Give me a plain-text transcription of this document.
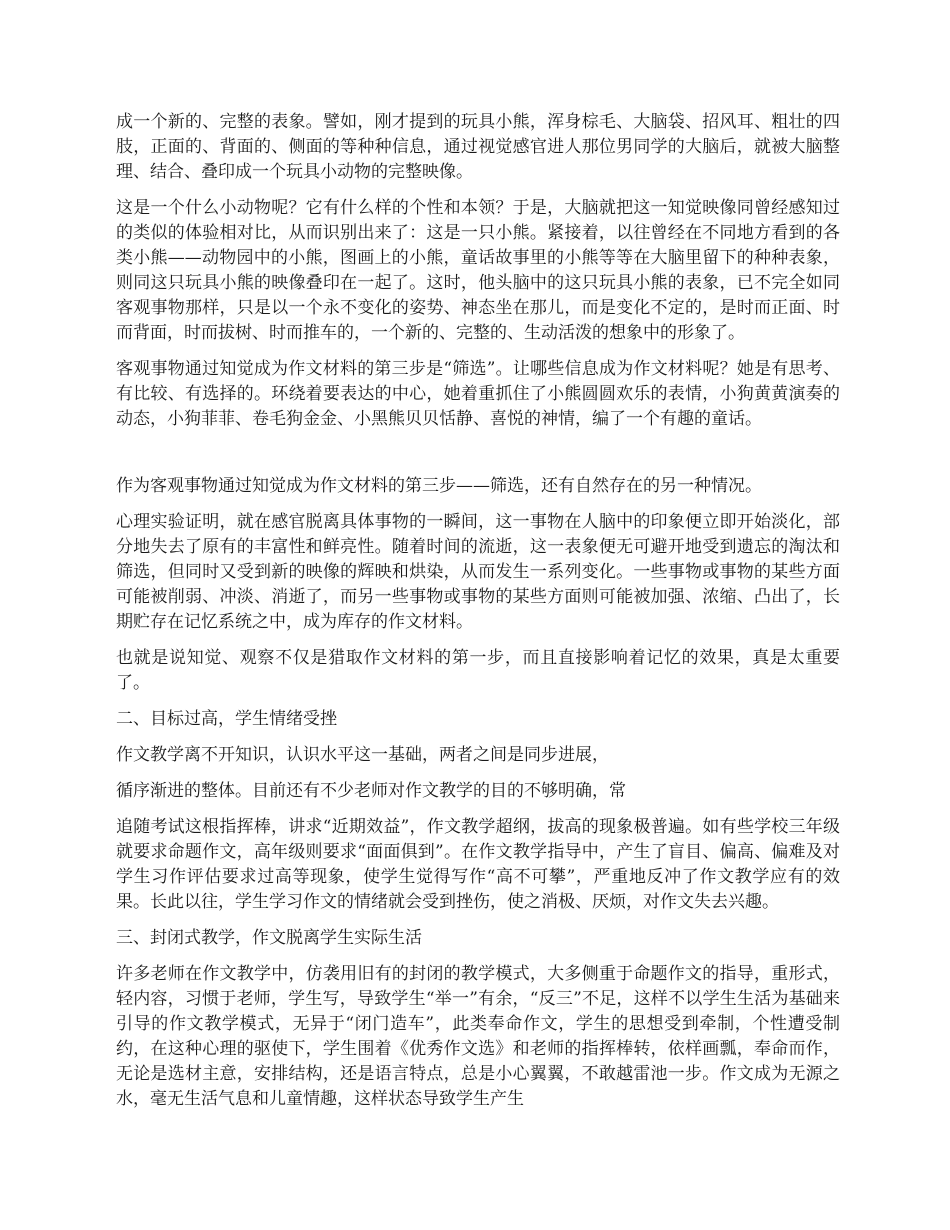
成一个新的、完整的表象。譬如，刚才提到的玩具小熊，浑身棕毛、大脑袋、招风耳、粗壮的四肢，正面的、背面的、侧面的等种种信息，通过视觉感官进人那位男同学的大脑后，就被大脑整理、结合、叠印成一个玩具小动物的完整映像。

这是一个什么小动物呢？它有什么样的个性和本领？于是，大脑就把这一知觉映像同曾经感知过的类似的体验相对比，从而识别出来了：这是一只小熊。紧接着，以往曾经在不同地方看到的各类小熊——动物园中的小熊，图画上的小熊，童话故事里的小熊等等在大脑里留下的种种表象，则同这只玩具小熊的映像叠印在一起了。这时，他头脑中的这只玩具小熊的表象，已不完全如同客观事物那样，只是以一个永不变化的姿势、神态坐在那儿，而是变化不定的，是时而正面、时而背面，时而拔树、时而推车的，一个新的、完整的、生动活泼的想象中的形象了。

客观事物通过知觉成为作文材料的第三步是“筛选”。让哪些信息成为作文材料呢？她是有思考、有比较、有选择的。环绕着要表达的中心，她着重抓住了小熊圆圆欢乐的表情，小狗黄黄演奏的动态，小狗菲菲、卷毛狗金金、小黑熊贝贝恬静、喜悦的神情，编了一个有趣的童话。

作为客观事物通过知觉成为作文材料的第三步——筛选，还有自然存在的另一种情况。

心理实验证明，就在感官脱离具体事物的一瞬间，这一事物在人脑中的印象便立即开始淡化，部分地失去了原有的丰富性和鲜亮性。随着时间的流逝，这一表象便无可避开地受到遗忘的淘汰和筛选，但同时又受到新的映像的辉映和烘染，从而发生一系列变化。一些事物或事物的某些方面可能被削弱、冲淡、消逝了，而另一些事物或事物的某些方面则可能被加强、浓缩、凸出了，长期贮存在记忆系统之中，成为库存的作文材料。

也就是说知觉、观察不仅是猎取作文材料的第一步，而且直接影响着记忆的效果，真是太重要了。

二、目标过高，学生情绪受挫

作文教学离不开知识，认识水平这一基础，两者之间是同步进展，

循序渐进的整体。目前还有不少老师对作文教学的目的不够明确，常

追随考试这根指挥棒，讲求“近期效益”，作文教学超纲，拔高的现象极普遍。如有些学校三年级就要求命题作文，高年级则要求“面面俱到”。在作文教学指导中，产生了盲目、偏高、偏难及对学生习作评估要求过高等现象，使学生觉得写作“高不可攀”，严重地反冲了作文教学应有的效果。长此以往，学生学习作文的情绪就会受到挫伤，使之消极、厌烦，对作文失去兴趣。

三、封闭式教学，作文脱离学生实际生活

许多老师在作文教学中，仿袭用旧有的封闭的教学模式，大多侧重于命题作文的指导，重形式，轻内容，习惯于老师，学生写，导致学生“举一”有余，“反三”不足，这样不以学生生活为基础来引导的作文教学模式，无异于“闭门造车”，此类奉命作文，学生的思想受到牵制，个性遭受制约，在这种心理的驱使下，学生围着《优秀作文选》和老师的指挥棒转，依样画瓢，奉命而作，无论是选材主意，安排结构，还是语言特点，总是小心翼翼，不敢越雷池一步。作文成为无源之水，毫无生活气息和儿童情趣，这样状态导致学生产生
